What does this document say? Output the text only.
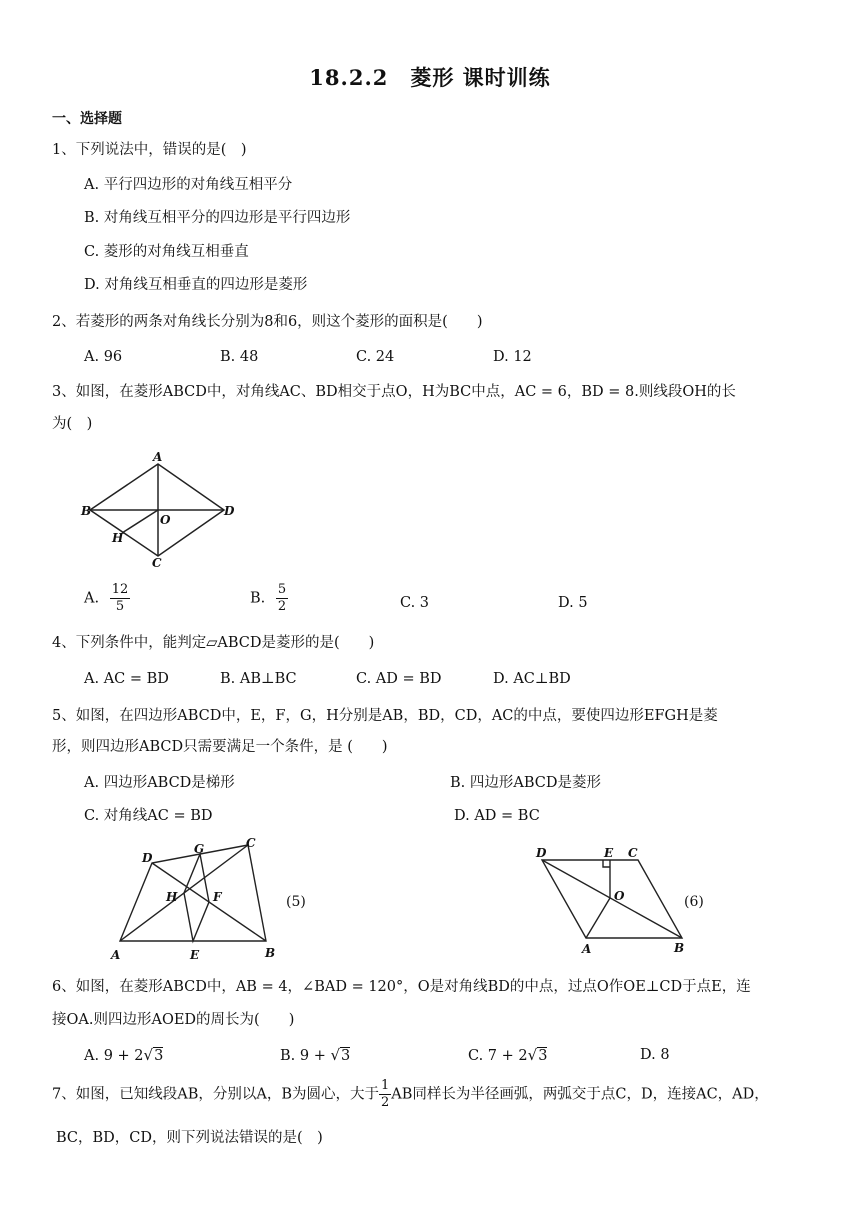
18.2.2　菱形 课时训练
一、选择题
1、下列说法中，错误的是(　)
A. 平行四边形的对角线互相平分
B. 对角线互相平分的四边形是平行四边形
C. 菱形的对角线互相垂直
D. 对角线互相垂直的四边形是菱形
2、若菱形的两条对角线长分别为8和6，则这个菱形的面积是(　　)
A. 96	B. 48	C. 24	D. 12
3、如图，在菱形ABCD中，对角线AC、BD相交于点O，H为BC中点，AC = 6，BD = 8.则线段OH的长
为(　)
A
B
O
D
H
C
A. $\frac{12}{5}$	B. $\frac{5}{2}$	C. 3	D. 5
4、下列条件中，能判定▱ABCD是菱形的是(　　)
A. AC = BD	B. AB⊥BC	C. AD = BD	D. AC⊥BD
5、如图，在四边形ABCD中，E，F，G，H分别是AB，BD，CD，AC的中点，要使四边形EFGH是菱
形，则四边形ABCD只需要满足一个条件，是 (　　)
A. 四边形ABCD是梯形	B. 四边形ABCD是菱形
C. 对角线AC = BD	D. AD = BC
D
G	C
H	F
A	E	B
(5)
D	E C
O
A	B
(6)
6、如图，在菱形ABCD中，AB = 4，∠BAD = 120°，O是对角线BD的中点，过点O作OE⊥CD于点E，连
接OA.则四边形AOED的周长为(　　)
A. 9 + 2√3	B. 9 + √3	C. 7 + 2√3	D. 8
7、如图，已知线段AB，分别以A，B为圆心，大于 $\frac{1}{2}$ AB同样长为半径画弧，两弧交于点C，D，连接AC，AD，
BC，BD，CD，则下列说法错误的是(　)
